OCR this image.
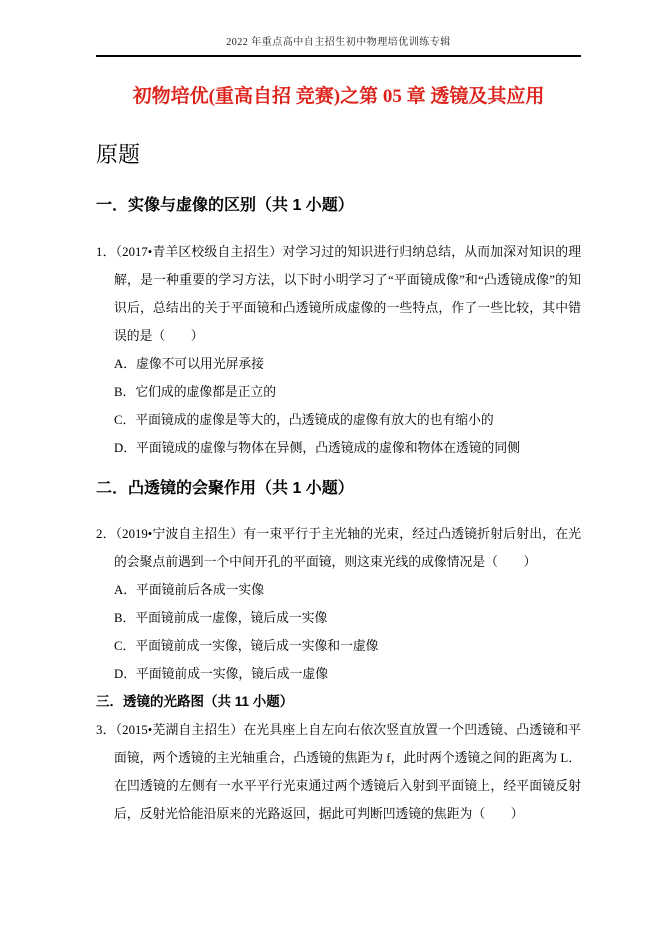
2022 年重点高中自主招生初中物理培优训练专辑
初物培优(重高自招 竞赛)之第 05 章 透镜及其应用
原题
一．实像与虚像的区别（共 1 小题）

1．（2017•青羊区校级自主招生）对学习过的知识进行归纳总结，从而加深对知识的理解，是一种重要的学习方法，以下时小明学习了“平面镜成像”和“凸透镜成像”的知识后，总结出的关于平面镜和凸透镜所成虚像的一些特点，作了一些比较，其中错误的是（　　）

A．虚像不可以用光屏承接

B．它们成的虚像都是正立的

C．平面镜成的虚像是等大的，凸透镜成的虚像有放大的也有缩小的

D．平面镜成的虚像与物体在异侧，凸透镜成的虚像和物体在透镜的同侧

二．凸透镜的会聚作用（共 1 小题）

2．（2019•宁波自主招生）有一束平行于主光轴的光束，经过凸透镜折射后射出，在光的会聚点前遇到一个中间开孔的平面镜，则这束光线的成像情况是（　　）

A．平面镜前后各成一实像

B．平面镜前成一虚像，镜后成一实像

C．平面镜前成一实像，镜后成一实像和一虚像

D．平面镜前成一实像，镜后成一虚像

三．透镜的光路图（共 11 小题）

3．（2015•芜湖自主招生）在光具座上自左向右依次竖直放置一个凹透镜、凸透镜和平面镜，两个透镜的主光轴重合，凸透镜的焦距为 f，此时两个透镜之间的距离为 L．在凹透镜的左侧有一水平平行光束通过两个透镜后入射到平面镜上，经平面镜反射后，反射光恰能沿原来的光路返回，据此可判断凹透镜的焦距为（　　）
